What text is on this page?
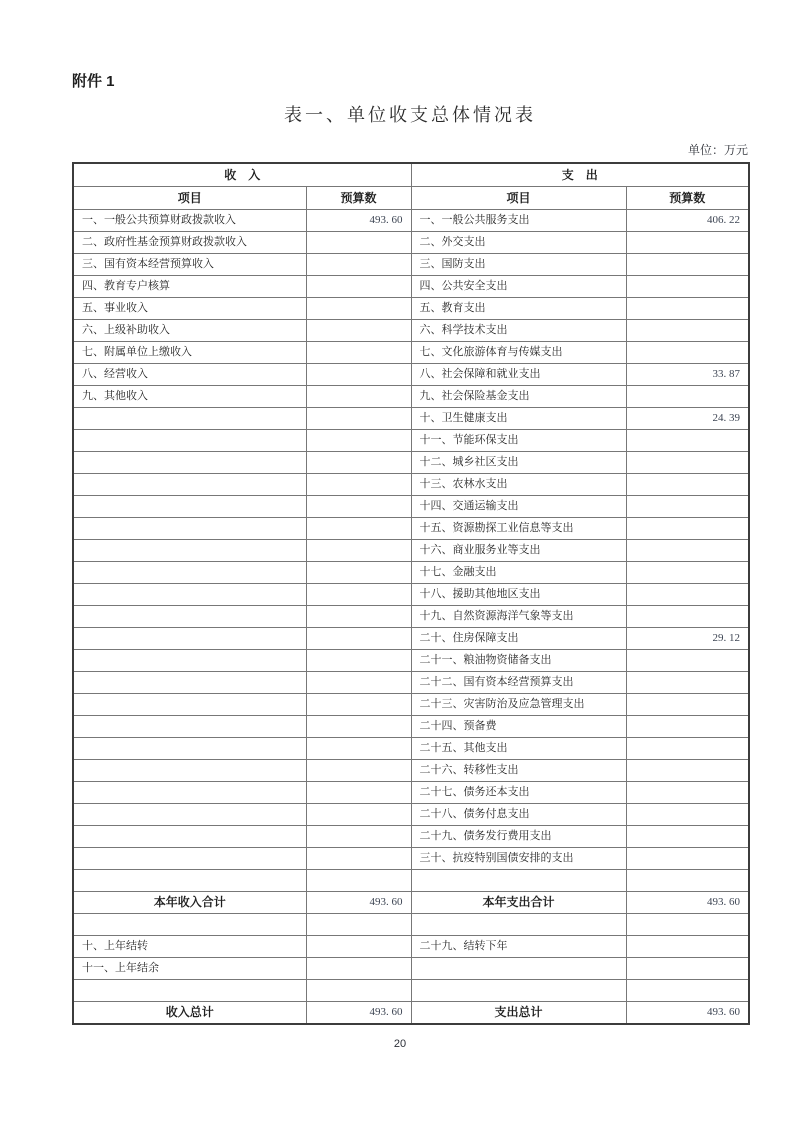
附件 1
表一、单位收支总体情况表
单位：万元
收　入		支　出	
项目	预算数	项目	预算数
一、一般公共预算财政拨款收入	493. 60	一、一般公共服务支出	406. 22
二、政府性基金预算财政拨款收入		二、外交支出	
三、国有资本经营预算收入		三、国防支出	
四、教育专户核算		四、公共安全支出	
五、事业收入		五、教育支出	
六、上级补助收入		六、科学技术支出	
七、附属单位上缴收入		七、文化旅游体育与传媒支出	
八、经营收入		八、社会保障和就业支出	33. 87
九、其他收入		九、社会保险基金支出	
		十、卫生健康支出	24. 39
		十一、节能环保支出	
		十二、城乡社区支出	
		十三、农林水支出	
		十四、交通运输支出	
		十五、资源勘探工业信息等支出	
		十六、商业服务业等支出	
		十七、金融支出	
		十八、援助其他地区支出	
		十九、自然资源海洋气象等支出	
		二十、住房保障支出	29. 12
		二十一、粮油物资储备支出	
		二十二、国有资本经营预算支出	
		二十三、灾害防治及应急管理支出	
		二十四、预备费	
		二十五、其他支出	
		二十六、转移性支出	
		二十七、债务还本支出	
		二十八、债务付息支出	
		二十九、债务发行费用支出	
		三十、抗疫特别国债安排的支出	

本年收入合计	493. 60	本年支出合计	493. 60

十、上年结转		二十九、结转下年	
十一、上年结余			

收入总计	493. 60	支出总计	493. 60
20
